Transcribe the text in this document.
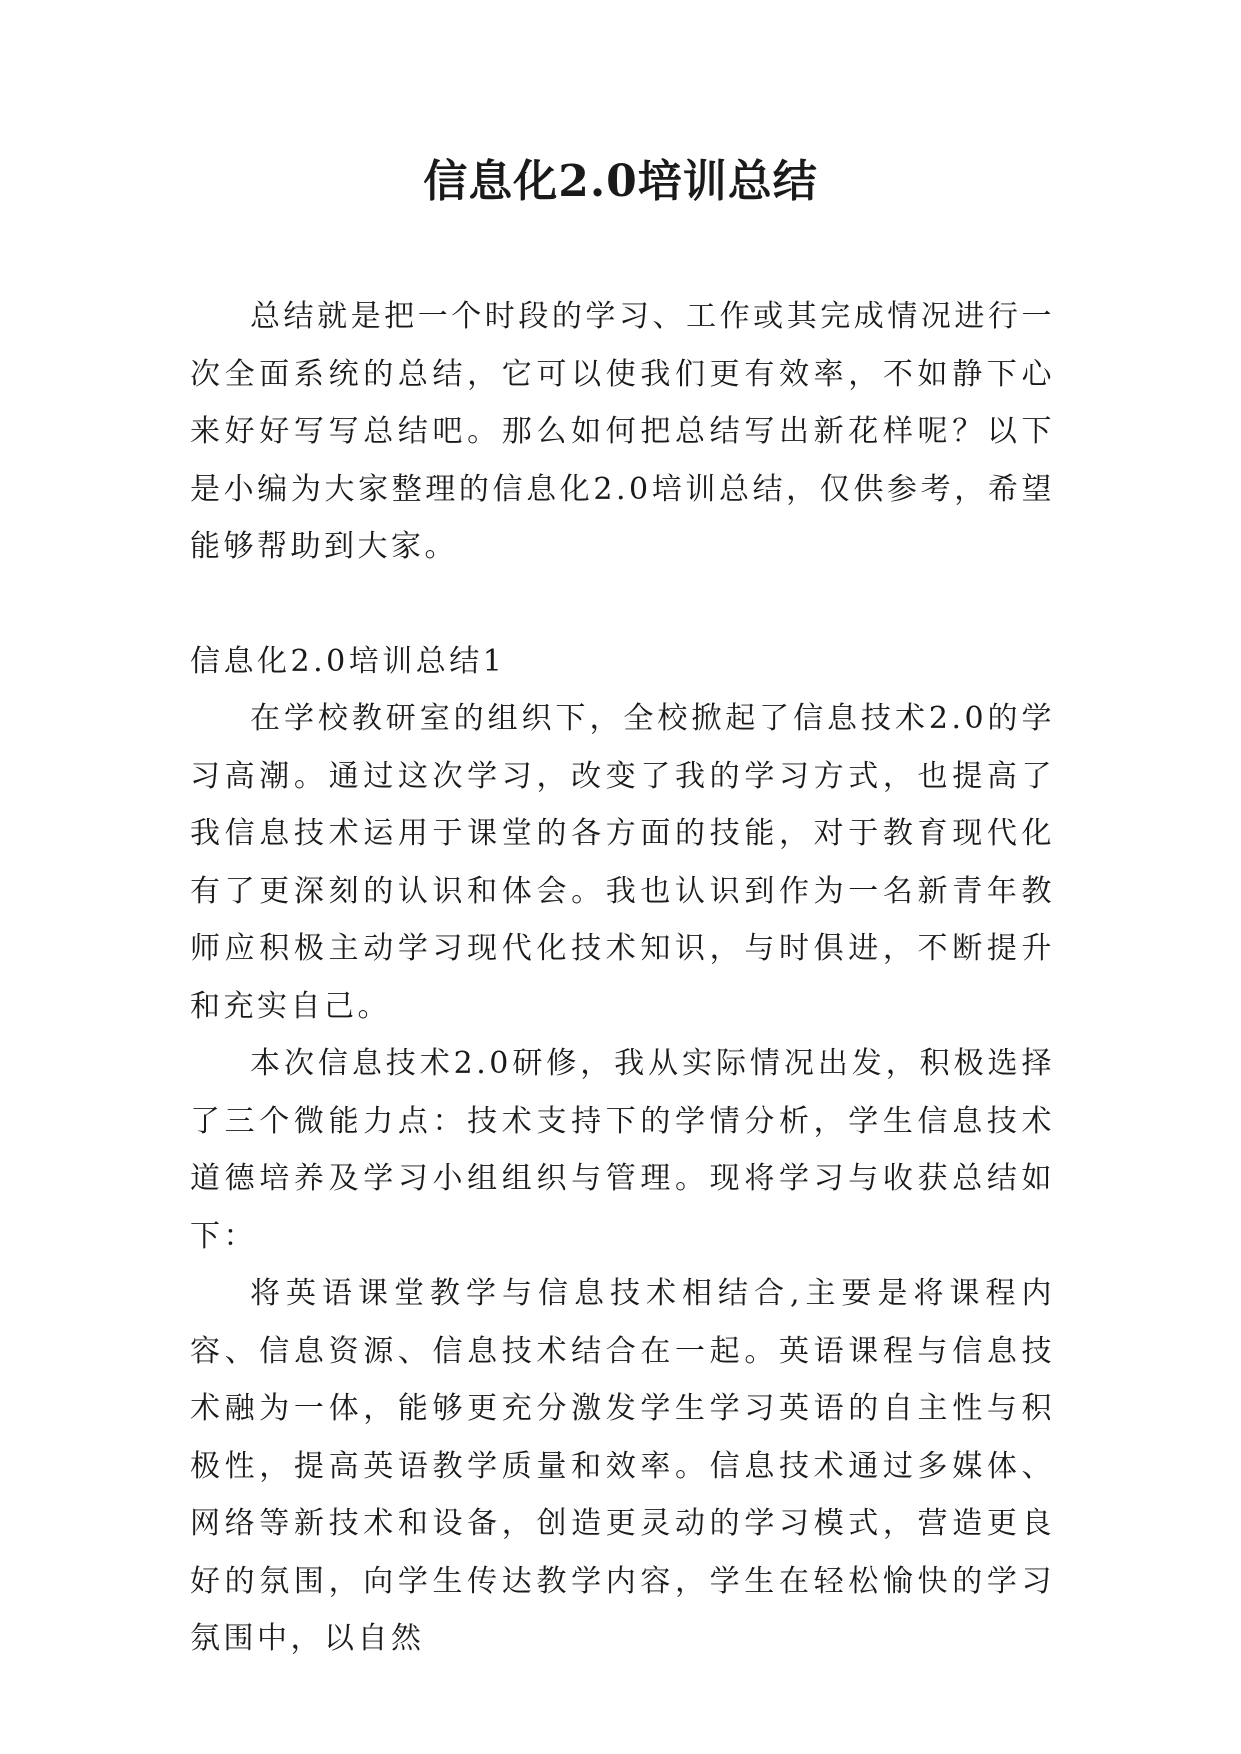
信息化2.0培训总结

总结就是把一个时段的学习、工作或其完成情况进行一次全面系统的总结，它可以使我们更有效率，不如静下心来好好写写总结吧。那么如何把总结写出新花样呢？以下是小编为大家整理的信息化2.0培训总结，仅供参考，希望能够帮助到大家。

信息化2.0培训总结1

在学校教研室的组织下，全校掀起了信息技术2.0的学习高潮。通过这次学习，改变了我的学习方式，也提高了我信息技术运用于课堂的各方面的技能，对于教育现代化有了更深刻的认识和体会。我也认识到作为一名新青年教师应积极主动学习现代化技术知识，与时俱进，不断提升和充实自己。

本次信息技术2.0研修，我从实际情况出发，积极选择了三个微能力点：技术支持下的学情分析，学生信息技术道德培养及学习小组组织与管理。现将学习与收获总结如下：

将英语课堂教学与信息技术相结合,主要是将课程内容、信息资源、信息技术结合在一起。英语课程与信息技术融为一体，能够更充分激发学生学习英语的自主性与积极性，提高英语教学质量和效率。信息技术通过多媒体、网络等新技术和设备，创造更灵动的学习模式，营造更良好的氛围，向学生传达教学内容，学生在轻松愉快的学习氛围中，以自然
